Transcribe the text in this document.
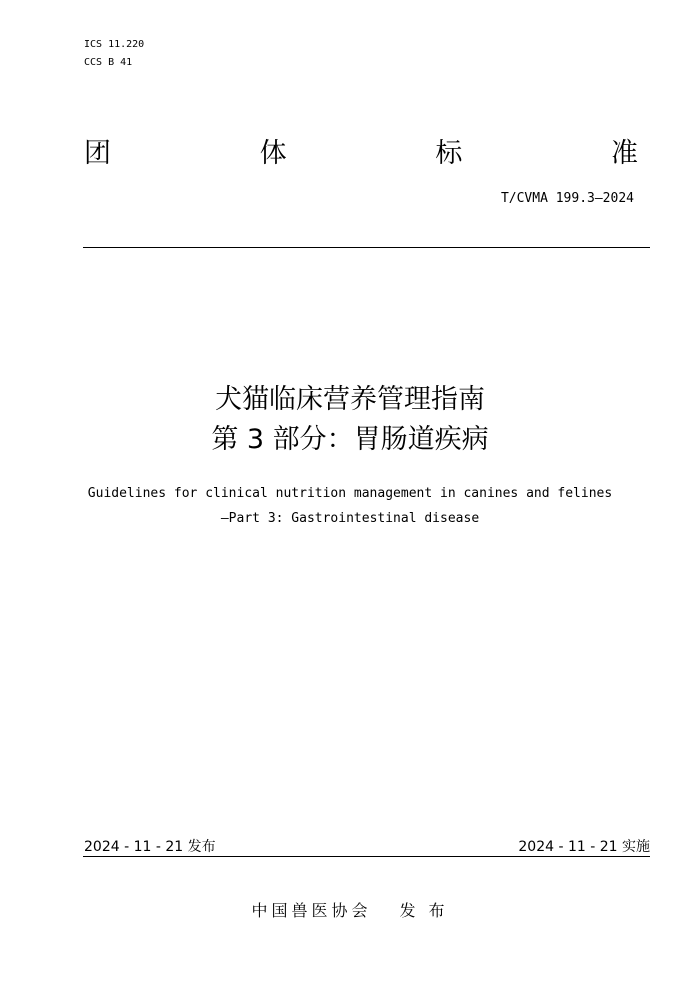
ICS 11.220
CCS B 41
团	体	标	准
T/CVMA 199.3—2024
犬猫临床营养管理指南
第 3 部分：胃肠道疾病
Guidelines for clinical nutrition management in canines and felines
—Part 3: Gastrointestinal disease
2024 - 11 - 21 发布	2024 - 11 - 21 实施
中国兽医协会 发 布
